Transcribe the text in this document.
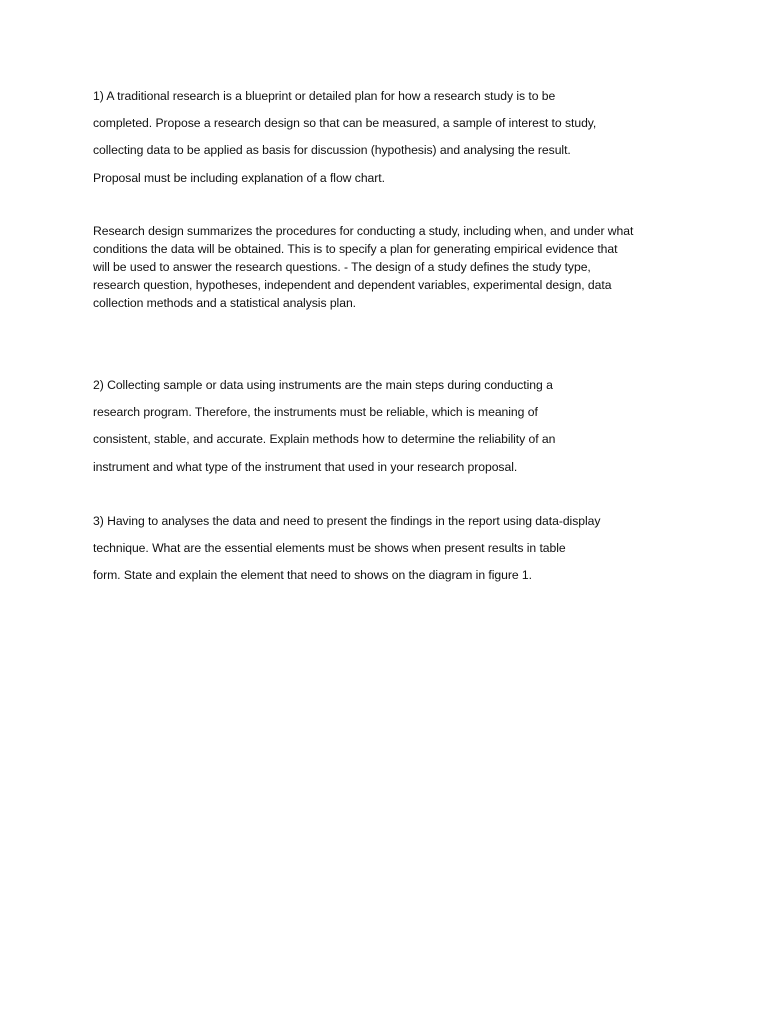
1) A traditional research is a blueprint or detailed plan for how a research study is to be
completed. Propose a research design so that can be measured, a sample of interest to study,
collecting data to be applied as basis for discussion (hypothesis) and analysing the result.
Proposal must be including explanation of a flow chart.
Research design summarizes the procedures for conducting a study, including when, and under what
conditions the data will be obtained. This is to specify a plan for generating empirical evidence that
will be used to answer the research questions. - The design of a study defines the study type,
research question, hypotheses, independent and dependent variables, experimental design, data
collection methods and a statistical analysis plan.
2) Collecting sample or data using instruments are the main steps during conducting a
research program. Therefore, the instruments must be reliable, which is meaning of
consistent, stable, and accurate. Explain methods how to determine the reliability of an
instrument and what type of the instrument that used in your research proposal.
3) Having to analyses the data and need to present the findings in the report using data-display
technique. What are the essential elements must be shows when present results in table
form. State and explain the element that need to shows on the diagram in figure 1.
